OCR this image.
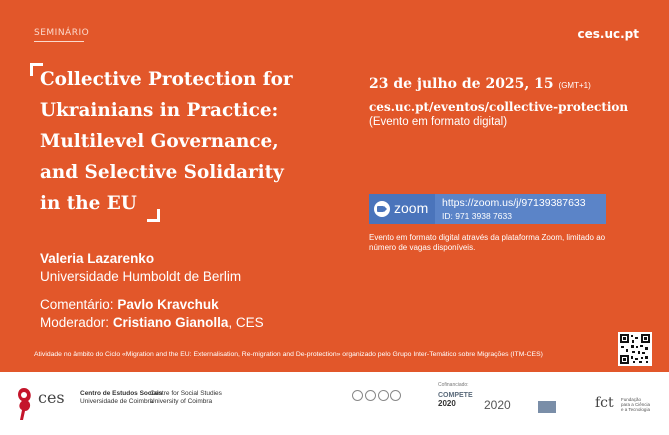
SEMINÁRIO	ces.uc.pt
Collective Protection for
Ukrainians in Practice:
Multilevel Governance,
and Selective Solidarity
in the EU
Valeria Lazarenko
Universidade Humboldt de Berlim
Comentário: Pavlo Kravchuk
Moderador: Cristiano Gianolla, CES
23 de julho de 2025, 15 (GMT+1)
ces.uc.pt/eventos/collective-protection
(Evento em formato digital)
zoom https://zoom.us/j/97139387633
ID: 971 3938 7633
Evento em formato digital através da plataforma Zoom, limitado ao número de vagas disponíveis.
Atividade no âmbito do Ciclo «Migration and the EU: Externalisation, Re-migration and De-protection» organizado pelo Grupo Inter-Temático sobre Migrações (ITM-CES)
ces Centro de Estudos Sociais
Universidade de Coimbra
Centre for Social Studies
University of Coimbra
Cofinanciado:
COMPETE
2020	2020	fct Fundação para a Ciência e a Tecnologia
